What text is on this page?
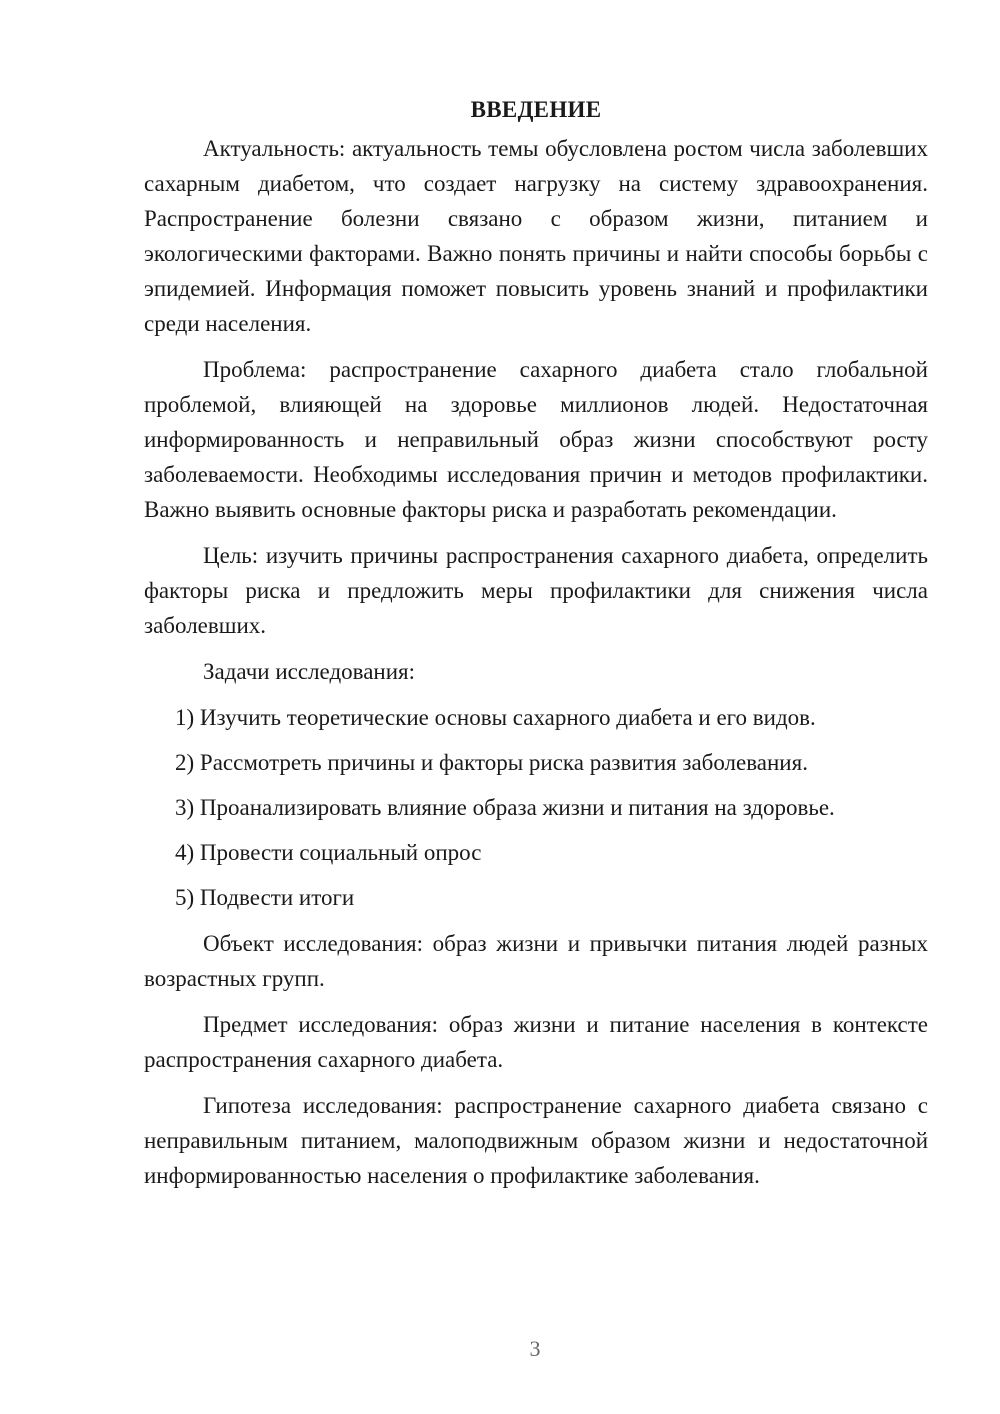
ВВЕДЕНИЕ

Актуальность: актуальность темы обусловлена ростом числа заболевших сахарным диабетом, что создает нагрузку на систему здравоохранения. Распространение болезни связано с образом жизни, питанием и экологическими факторами. Важно понять причины и найти способы борьбы с эпидемией. Информация поможет повысить уровень знаний и профилактики среди населения.

Проблема: распространение сахарного диабета стало глобальной проблемой, влияющей на здоровье миллионов людей. Недостаточная информированность и неправильный образ жизни способствуют росту заболеваемости. Необходимы исследования причин и методов профилактики. Важно выявить основные факторы риска и разработать рекомендации.

Цель: изучить причины распространения сахарного диабета, определить факторы риска и предложить меры профилактики для снижения числа заболевших.

Задачи исследования:

1) Изучить теоретические основы сахарного диабета и его видов.
2) Рассмотреть причины и факторы риска развития заболевания.
3) Проанализировать влияние образа жизни и питания на здоровье.
4) Провести социальный опрос
5) Подвести итоги

Объект исследования: образ жизни и привычки питания людей разных возрастных групп.

Предмет исследования: образ жизни и питание населения в контексте распространения сахарного диабета.

Гипотеза исследования: распространение сахарного диабета связано с неправильным питанием, малоподвижным образом жизни и недостаточной информированностью населения о профилактике заболевания.

3
